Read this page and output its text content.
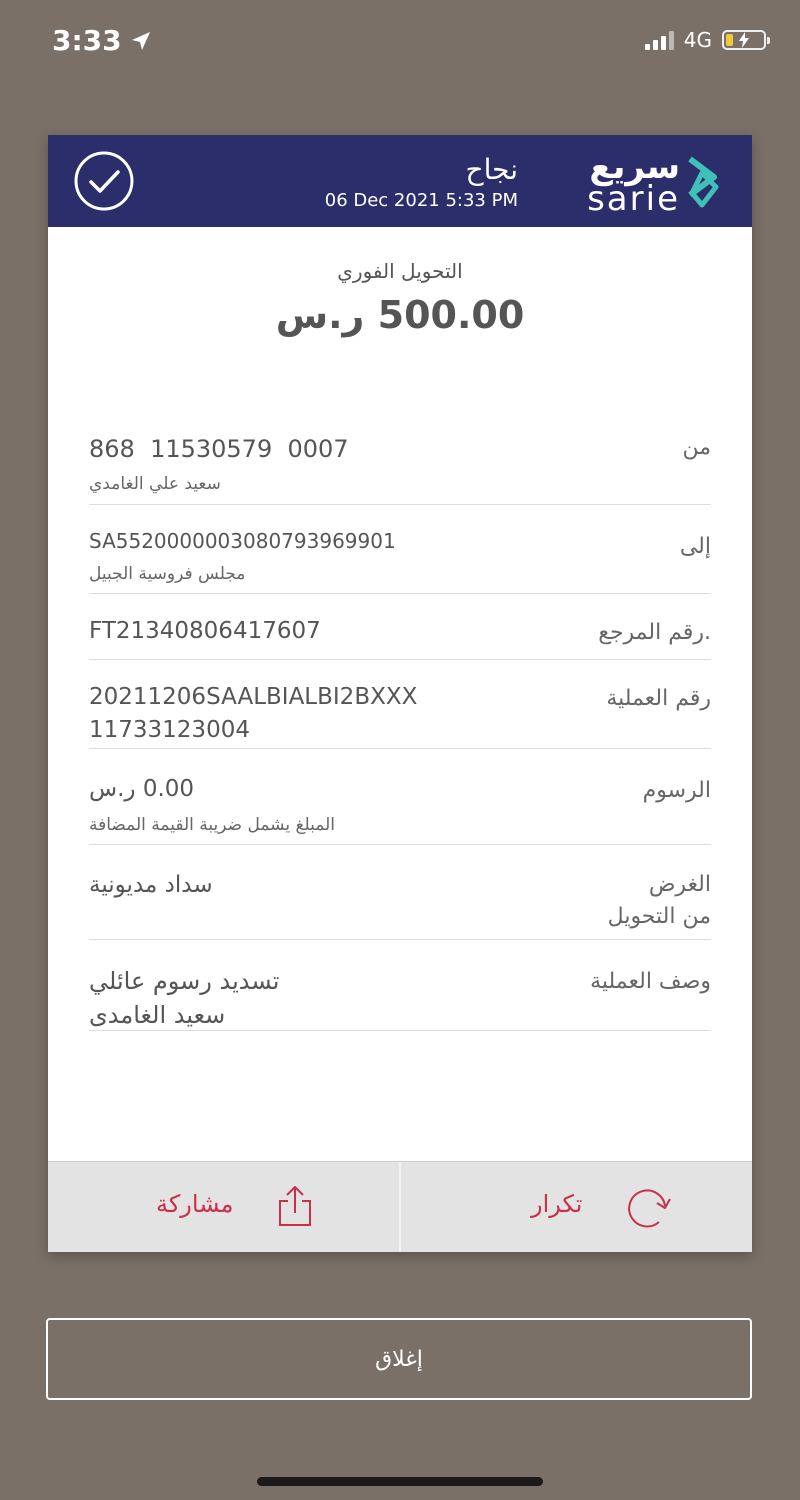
3:33	4G
نجاح
06 Dec 2021 5:33 PM
سريع
sarie
التحويل الفوري
500.00 ر.س
من
868  11530579  0007
سعيد علي الغامدي
إلى
SA5520000003080793969901
مجلس فروسية الجبيل
رقم المرجع.
FT21340806417607
رقم العملية
20211206SAALBIALBI2BXXX
11733123004
الرسوم
0.00 ر.س
المبلغ يشمل ضريبة القيمة المضافة
الغرض
من التحويل
سداد مديونية
وصف العملية
تسديد رسوم عائلي
سعيد الغامدى
مشاركة	تكرار
إغلاق
